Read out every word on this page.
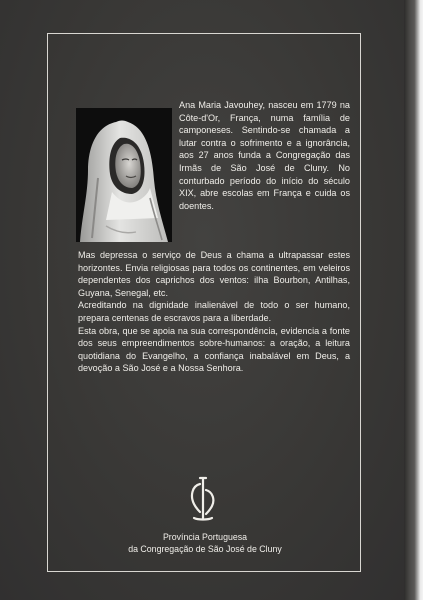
Ana Maria Javouhey, nasceu em 1779 na Côte-d'Or, França, numa família de camponeses. Sentindo-se chamada a lutar contra o sofrimento e a ignorância, aos 27 anos funda a Congregação das Irmãs de São José de Cluny. No conturbado período do início do século XIX, abre escolas em França e cuida os doentes.

Mas depressa o serviço de Deus a chama a ultrapassar estes horizontes. Envia religiosas para todos os continentes, em veleiros dependentes dos caprichos dos ventos: ilha Bourbon, Antilhas, Guyana, Senegal, etc.

Acreditando na dignidade inalienável de todo o ser humano, prepara centenas de escravos para a liberdade.

Esta obra, que se apoia na sua correspondência, evidencia a fonte dos seus empreendimentos sobre-humanos: a oração, a leitura quotidiana do Evangelho, a confiança inabalável em Deus, a devoção a São José e a Nossa Senhora.

Província Portuguesa
da Congregação de São José de Cluny
